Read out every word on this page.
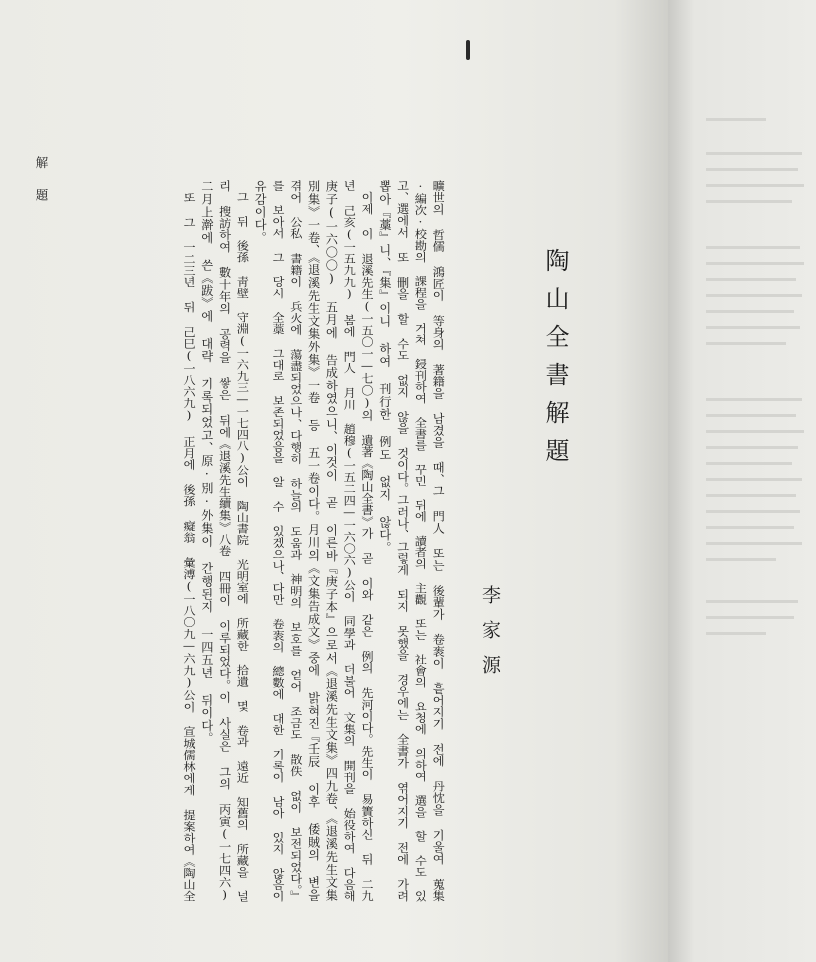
陶山全書解題
李家源
曠世의 哲儒 鴻匠이 等身의 著籍을 남겼을 때、그 門人 또는 後輩가 卷袠이 흩어지기 전에 丹忱을 기울여 蒐集
·編次·校勘의 課程을 거쳐 鋟刊하여 全書를 꾸민 뒤에 讀者의 主觀 또는 社會의 요청에 의하여 選을 할 수도 있
고、選에서 또 刪을 할 수도 없지 않을 것이다。그러나、그렇게 되지 못했을 경우에는 全書가 엮어지기 전에 가려
뽑아『藁』니、『集』이니 하여 刊行한 例도 없지 않다。
　이제 이 退溪先生(一五〇一—七〇)의 遺著《陶山全書》가 곧 이와 같은 例의 先河이다。先生이 易簀하신 뒤 二九
년 己亥(一五九九) 봄에 門人 月川 趙穆(一五二四—一六〇六)公이 同學과 더불어 文集의 開刊을 始役하여 다음해
庚子(一六〇〇) 五月에 告成하였으니、이것이 곧 이른바『庚子本』으로서《退溪先生文集》四九卷、《退溪先生文集
別集》一卷、《退溪先生文集外集》一卷 등 五一卷이다。月川의《文集告成文》중에 밝혀진『壬辰 이후 倭賊의 변을
겪어 公私 書籍이 兵火에 蕩盡되었으나、다행히 하늘의 도움과 神明의 보호를 얻어 조금도 散佚 없이 보전되었다。』
를 보아서 그 당시 全藁 그대로 보존되었음을 알 수 있겠으나、다만 卷袠의 總數에 대한 기록이 남아 있지 않음이
유감이다。
　그 뒤 後孫 靑壁 守淵(一六九三—一七四八)公이 陶山書院 光明室에 所藏한 拾遺 몇 卷과 遠近 知舊의 所藏을 널
리 搜訪하여 數十年의 공력을 쌓은 뒤에《退溪先生續集》八卷 四冊이 이루되었다。이 사실은 그의 丙寅(一七四六)
二月上澣에 쓴《跋》에 대략 기록되었고、原·別·外集이 간행된지 一四五년 뒤이다。
　또 그 一二三년 뒤 己巳(一八六九) 正月에 後孫 癡翁 彙溥(一八〇九—六九)公이 宣城儒林에게 提案하여《陶山全
解題
